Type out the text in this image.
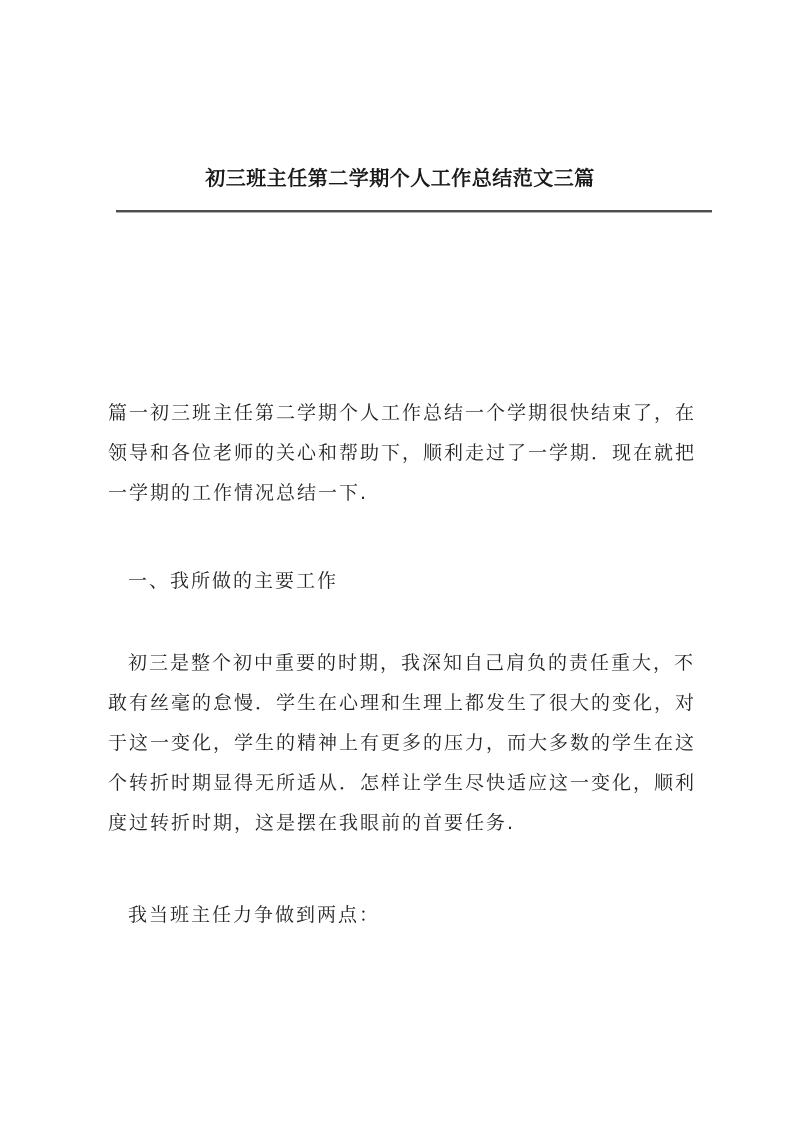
初三班主任第二学期个人工作总结范文三篇
篇一初三班主任第二学期个人工作总结一个学期很快结束了，在
领导和各位老师的关心和帮助下，顺利走过了一学期．现在就把
一学期的工作情况总结一下.
一、我所做的主要工作
初三是整个初中重要的时期，我深知自己肩负的责任重大，不
敢有丝毫的怠慢．学生在心理和生理上都发生了很大的变化，对
于这一变化，学生的精神上有更多的压力，而大多数的学生在这
个转折时期显得无所适从．怎样让学生尽快适应这一变化，顺利
度过转折时期，这是摆在我眼前的首要任务.
我当班主任力争做到两点：
